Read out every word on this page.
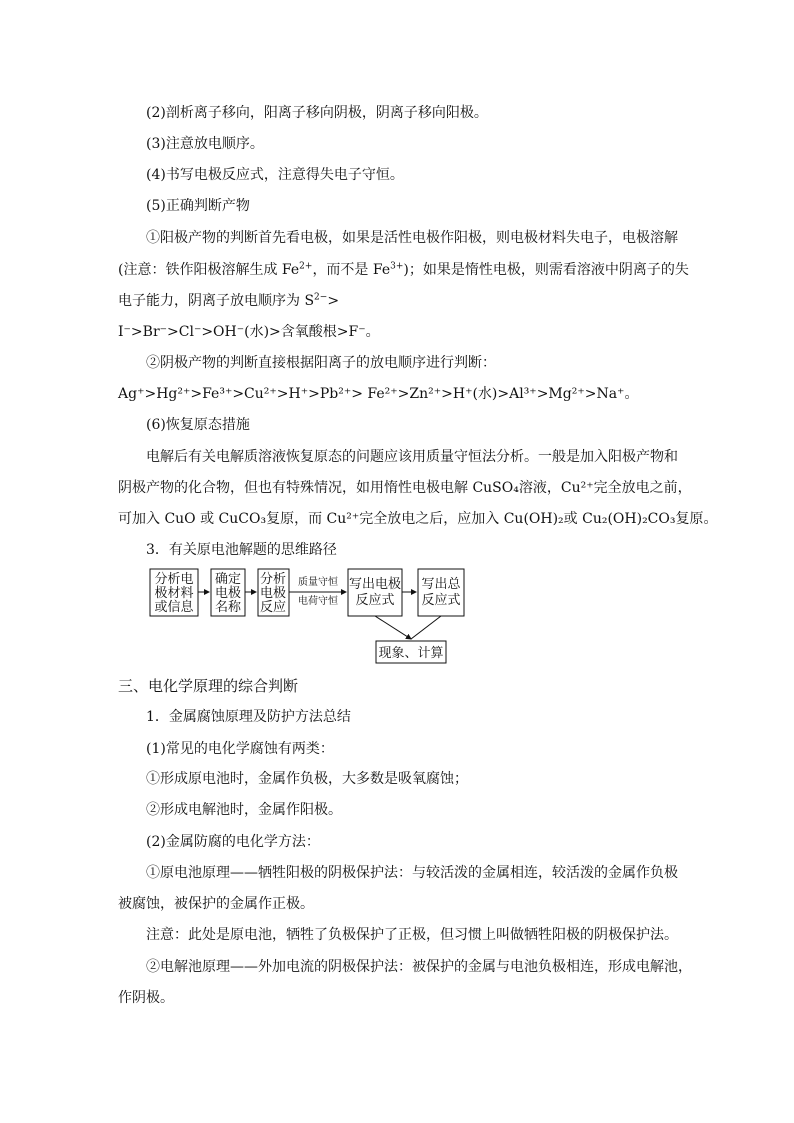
(2)剖析离子移向，阳离子移向阴极，阴离子移向阳极。
(3)注意放电顺序。
(4)书写电极反应式，注意得失电子守恒。
(5)正确判断产物
①阳极产物的判断首先看电极，如果是活性电极作阳极，则电极材料失电子，电极溶解
(注意：铁作阳极溶解生成 $Fe^{2+}$，而不是 $Fe^{3+}$)；如果是惰性电极，则需看溶液中阴离子的失
电子能力，阴离子放电顺序为 $S^{2-}>$
I⁻>Br⁻>Cl⁻>OH⁻(水)>含氧酸根>F⁻。
②阴极产物的判断直接根据阳离子的放电顺序进行判断：
Ag⁺>Hg²⁺>Fe³⁺>Cu²⁺>H⁺>Pb²⁺> Fe²⁺>Zn²⁺>H⁺(水)>Al³⁺>Mg²⁺>Na⁺。
(6)恢复原态措施
电解后有关电解质溶液恢复原态的问题应该用质量守恒法分析。一般是加入阳极产物和
阴极产物的化合物，但也有特殊情况，如用惰性电极电解 CuSO₄溶液，Cu²⁺完全放电之前，
可加入 CuO 或 CuCO₃复原，而 Cu²⁺完全放电之后，应加入 Cu(OH)₂或 Cu₂(OH)₂CO₃复原。
3．有关原电池解题的思维路径
分析电
极材料
或信息
确定
电极
名称
分析
电极
反应
写出电极
反应式
写出总
反应式
现象、计算
质量守恒
电荷守恒
三、电化学原理的综合判断
1．金属腐蚀原理及防护方法总结
(1)常见的电化学腐蚀有两类：
①形成原电池时，金属作负极，大多数是吸氧腐蚀；
②形成电解池时，金属作阳极。
(2)金属防腐的电化学方法：
①原电池原理——牺牲阳极的阴极保护法：与较活泼的金属相连，较活泼的金属作负极
被腐蚀，被保护的金属作正极。
注意：此处是原电池，牺牲了负极保护了正极，但习惯上叫做牺牲阳极的阴极保护法。
②电解池原理——外加电流的阴极保护法：被保护的金属与电池负极相连，形成电解池，
作阴极。
